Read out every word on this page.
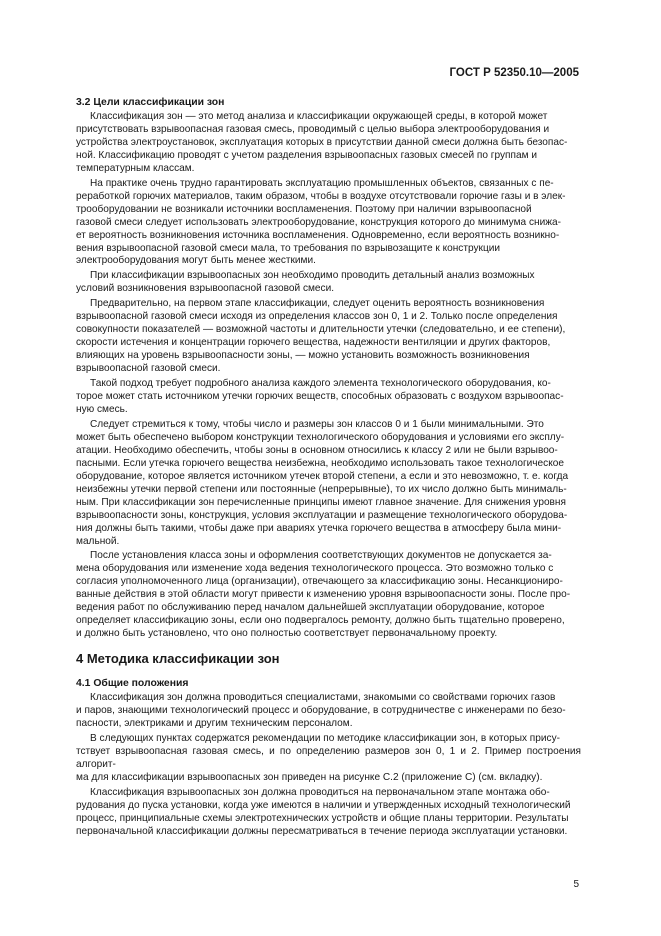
ГОСТ Р 52350.10—2005
3.2 Цели классификации зон
Классификация зон — это метод анализа и классификации окружающей среды, в которой может
присутствовать взрывоопасная газовая смесь, проводимый с целью выбора электрооборудования и
устройства электроустановок, эксплуатация которых в присутствии данной смеси должна быть безопас-
ной. Классификацию проводят с учетом разделения взрывоопасных газовых смесей по группам и
температурным классам.
На практике очень трудно гарантировать эксплуатацию промышленных объектов, связанных с пе-
реработкой горючих материалов, таким образом, чтобы в воздухе отсутствовали горючие газы и в элек-
трооборудовании не возникали источники воспламенения. Поэтому при наличии взрывоопасной
газовой смеси следует использовать электрооборудование, конструкция которого до минимума снижа-
ет вероятность возникновения источника воспламенения. Одновременно, если вероятность возникно-
вения взрывоопасной газовой смеси мала, то требования по взрывозащите к конструкции
электрооборудования могут быть менее жесткими.
При классификации взрывоопасных зон необходимо проводить детальный анализ возможных
условий возникновения взрывоопасной газовой смеси.
Предварительно, на первом этапе классификации, следует оценить вероятность возникновения
взрывоопасной газовой смеси исходя из определения классов зон 0, 1 и 2. Только после определения
совокупности показателей — возможной частоты и длительности утечки (следовательно, и ее степени),
скорости истечения и концентрации горючего вещества, надежности вентиляции и других факторов,
влияющих на уровень взрывоопасности зоны, — можно установить возможность возникновения
взрывоопасной газовой смеси.
Такой подход требует подробного анализа каждого элемента технологического оборудования, ко-
торое может стать источником утечки горючих веществ, способных образовать с воздухом взрывоопас-
ную смесь.
Следует стремиться к тому, чтобы число и размеры зон классов 0 и 1 были минимальными. Это
может быть обеспечено выбором конструкции технологического оборудования и условиями его эксплу-
атации. Необходимо обеспечить, чтобы зоны в основном относились к классу 2 или не были взрывоо-
пасными. Если утечка горючего вещества неизбежна, необходимо использовать такое технологическое
оборудование, которое является источником утечек второй степени, а если и это невозможно, т. е. когда
неизбежны утечки первой степени или постоянные (непрерывные), то их число должно быть минималь-
ным. При классификации зон перечисленные принципы имеют главное значение. Для снижения уровня
взрывоопасности зоны, конструкция, условия эксплуатации и размещение технологического оборудова-
ния должны быть такими, чтобы даже при авариях утечка горючего вещества в атмосферу была мини-
мальной.
После установления класса зоны и оформления соответствующих документов не допускается за-
мена оборудования или изменение хода ведения технологического процесса. Это возможно только с
согласия уполномоченного лица (организации), отвечающего за классификацию зоны. Несанкциониро-
ванные действия в этой области могут привести к изменению уровня взрывоопасности зоны. После про-
ведения работ по обслуживанию перед началом дальнейшей эксплуатации оборудование, которое
определяет классификацию зоны, если оно подвергалось ремонту, должно быть тщательно проверено,
и должно быть установлено, что оно полностью соответствует первоначальному проекту.
4 Методика классификации зон
4.1 Общие положения
Классификация зон должна проводиться специалистами, знакомыми со свойствами горючих газов
и паров, знающими технологический процесс и оборудование, в сотрудничестве с инженерами по безо-
пасности, электриками и другим техническим персоналом.
В следующих пунктах содержатся рекомендации по методике классификации зон, в которых прису-
тствует взрывоопасная газовая смесь, и по определению размеров зон 0, 1 и 2. Пример построения алгорит-
ма для классификации взрывоопасных зон приведен на рисунке С.2 (приложение С) (см. вкладку).
Классификация взрывоопасных зон должна проводиться на первоначальном этапе монтажа обо-
рудования до пуска установки, когда уже имеются в наличии и утвержденных исходный технологический
процесс, принципиальные схемы электротехнических устройств и общие планы территории. Результаты
первоначальной классификации должны пересматриваться в течение периода эксплуатации установки.
5
